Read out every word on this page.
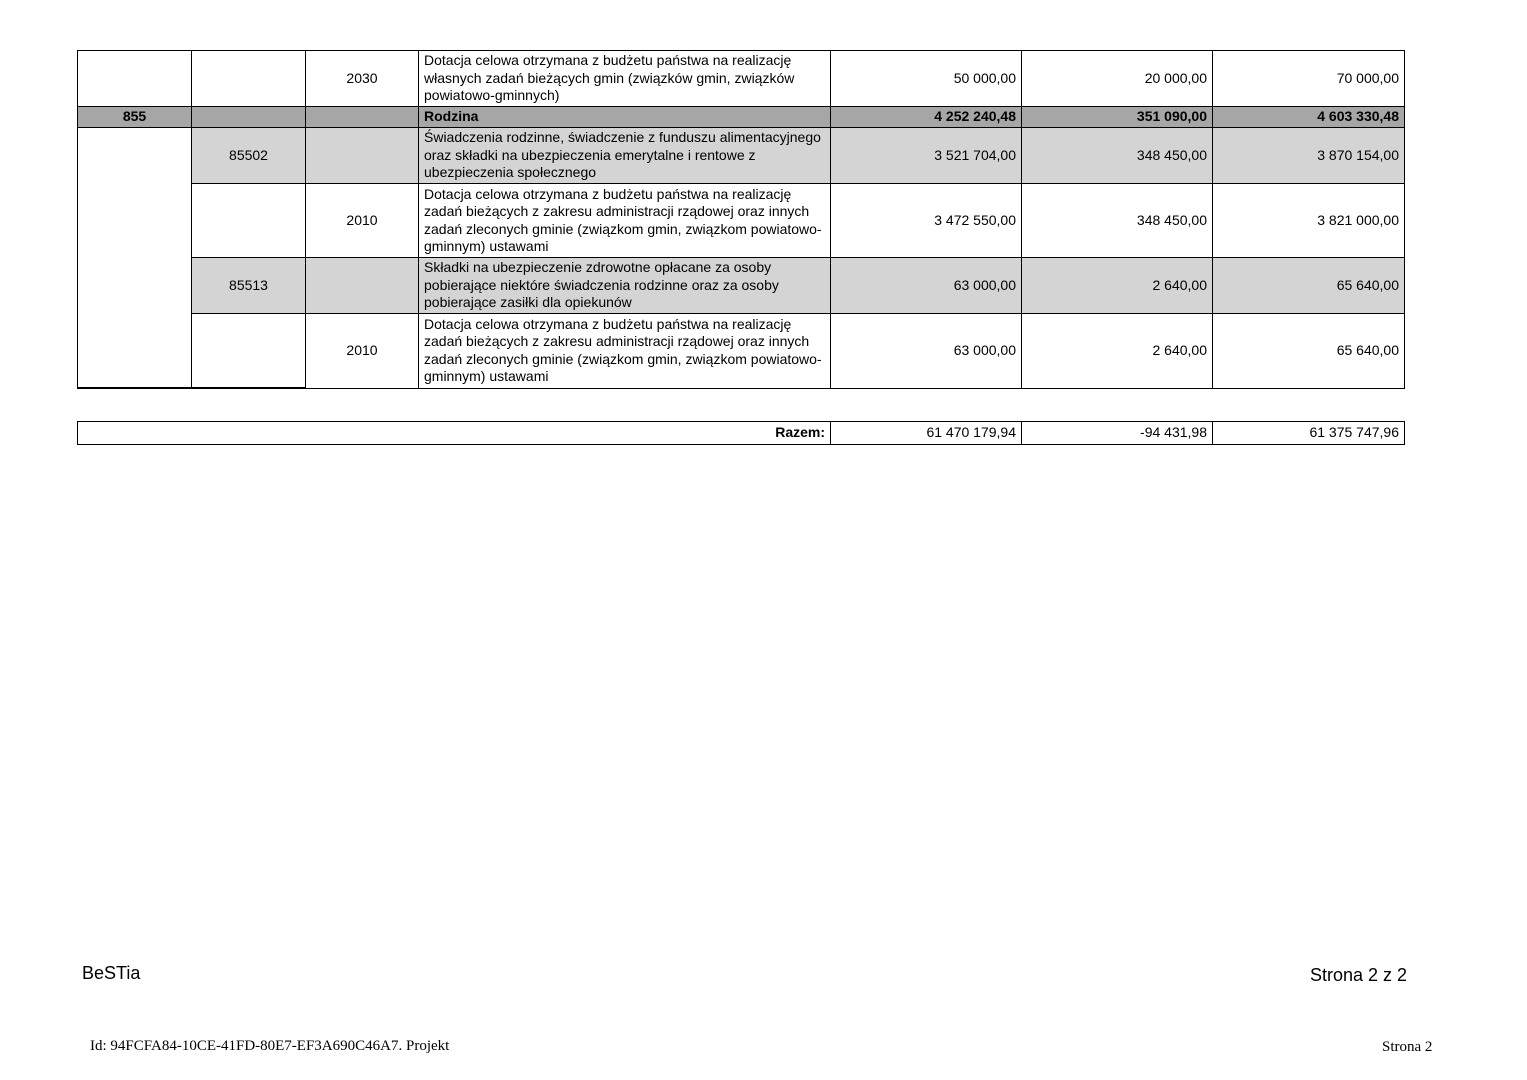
		2030	Dotacja celowa otrzymana z budżetu państwa na realizację własnych zadań bieżących gmin (związków gmin, związków powiatowo-gminnych)	50 000,00	20 000,00	70 000,00
855			Rodzina	4 252 240,48	351 090,00	4 603 330,48
	85502		Świadczenia rodzinne, świadczenie z funduszu alimentacyjnego oraz składki na ubezpieczenia emerytalne i rentowe z ubezpieczenia społecznego	3 521 704,00	348 450,00	3 870 154,00
		2010	Dotacja celowa otrzymana z budżetu państwa na realizację zadań bieżących z zakresu administracji rządowej oraz innych zadań zleconych gminie (związkom gmin, związkom powiatowo-gminnym) ustawami	3 472 550,00	348 450,00	3 821 000,00
	85513		Składki na ubezpieczenie zdrowotne opłacane za osoby pobierające niektóre świadczenia rodzinne oraz za osoby pobierające zasiłki dla opiekunów	63 000,00	2 640,00	65 640,00
		2010	Dotacja celowa otrzymana z budżetu państwa na realizację zadań bieżących z zakresu administracji rządowej oraz innych zadań zleconych gminie (związkom gmin, związkom powiatowo-gminnym) ustawami	63 000,00	2 640,00	65 640,00
Razem:	61 470 179,94	-94 431,98	61 375 747,96
BeSTia	Strona 2 z 2
Id: 94FCFA84-10CE-41FD-80E7-EF3A690C46A7. Projekt	Strona 2
